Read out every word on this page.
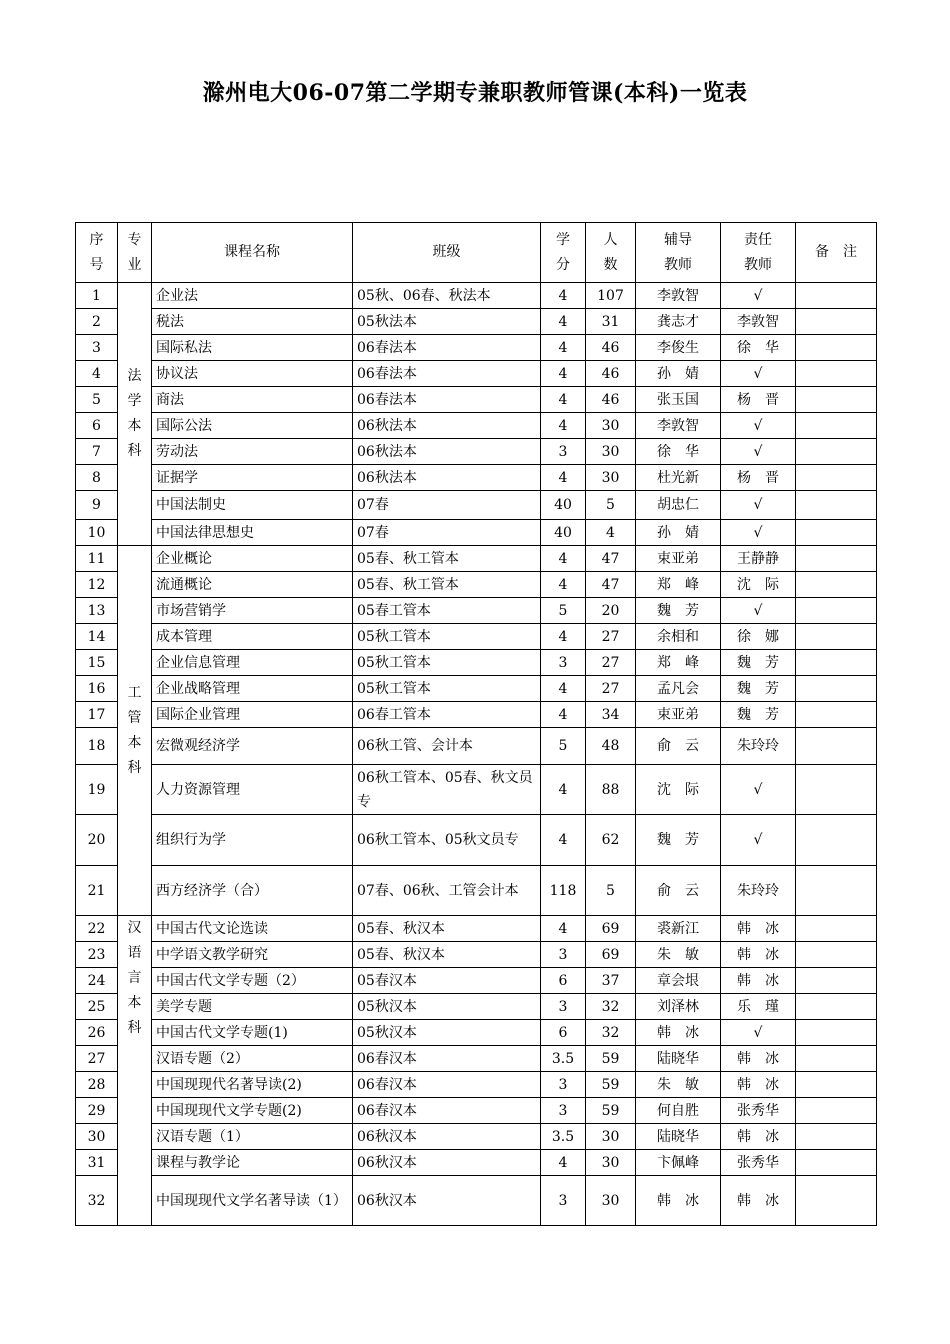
滁州电大06-07第二学期专兼职教师管课(本科)一览表
序号	专业	课程名称	班级	学分	人数	辅导教师	责任教师	备　注
1	法学本科	企业法	05秋、06春、秋法本	4	107	李敦智	√	
2		税法	05秋法本	4	31	龚志才	李敦智	
3		国际私法	06春法本	4	46	李俊生	徐　华	
4		协议法	06春法本	4	46	孙　婧	√	
5		商法	06春法本	4	46	张玉国	杨　晋	
6		国际公法	06秋法本	4	30	李敦智	√	
7		劳动法	06秋法本	3	30	徐　华	√	
8		证据学	06秋法本	4	30	杜光新	杨　晋	
9		中国法制史	07春	40	5	胡忠仁	√	
10		中国法律思想史	07春	40	4	孙　婧	√	
11	工管本科	企业概论	05春、秋工管本	4	47	束亚弟	王静静	
12		流通概论	05春、秋工管本	4	47	郑　峰	沈　际	
13		市场营销学	05春工管本	5	20	魏　芳	√	
14		成本管理	05秋工管本	4	27	余相和	徐　娜	
15		企业信息管理	05秋工管本	3	27	郑　峰	魏　芳	
16		企业战略管理	05秋工管本	4	27	孟凡会	魏　芳	
17		国际企业管理	06春工管本	4	34	束亚弟	魏　芳	
18		宏微观经济学	06秋工管、会计本	5	48	俞　云	朱玲玲	
19		人力资源管理	06秋工管本、05春、秋文员专	4	88	沈　际	√	
20		组织行为学	06秋工管本、05秋文员专	4	62	魏　芳	√	
21		西方经济学（合）	07春、06秋、工管会计本	118	5	俞　云	朱玲玲	
22	汉语言本科	中国古代文论选读	05春、秋汉本	4	69	裘新江	韩　冰	
23		中学语文教学研究	05春、秋汉本	3	69	朱　敏	韩　冰	
24		中国古代文学专题（2）	05春汉本	6	37	章会垠	韩　冰	
25		美学专题	05秋汉本	3	32	刘泽林	乐　瑾	
26		中国古代文学专题(1)	05秋汉本	6	32	韩　冰	√	
27		汉语专题（2）	06春汉本	3.5	59	陆晓华	韩　冰	
28		中国现现代名著导读(2)	06春汉本	3	59	朱　敏	韩　冰	
29		中国现现代文学专题(2)	06春汉本	3	59	何自胜	张秀华	
30		汉语专题（1）	06秋汉本	3.5	30	陆晓华	韩　冰	
31		课程与教学论	06秋汉本	4	30	卞佩峰	张秀华	
32		中国现现代文学名著导读（1）	06秋汉本	3	30	韩　冰	韩　冰	
